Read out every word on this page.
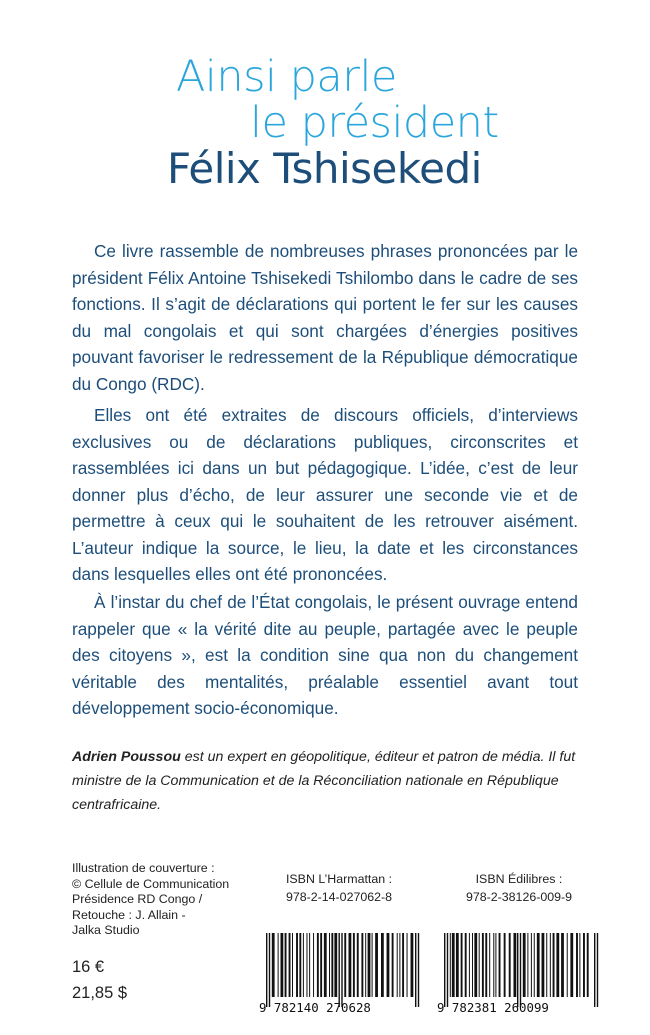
Ainsi parle
le président
Félix Tshisekedi

Ce livre rassemble de nombreuses phrases prononcées par le président Félix Antoine Tshisekedi Tshilombo dans le cadre de ses fonctions. Il s’agit de déclarations qui portent le fer sur les causes du mal congolais et qui sont chargées d’énergies positives pouvant favoriser le redressement de la République démocratique du Congo (RDC).

Elles ont été extraites de discours officiels, d’interviews exclusives ou de déclarations publiques, circonscrites et rassemblées ici dans un but pédagogique. L’idée, c’est de leur donner plus d’écho, de leur assurer une seconde vie et de permettre à ceux qui le souhaitent de les retrouver aisément. L’auteur indique la source, le lieu, la date et les circonstances dans lesquelles elles ont été prononcées.

À l’instar du chef de l’État congolais, le présent ouvrage entend rappeler que « la vérité dite au peuple, partagée avec le peuple des citoyens », est la condition sine qua non du changement véritable des mentalités, préalable essentiel avant tout développement socio-économique.

Adrien Poussou est un expert en géopolitique, éditeur et patron de média. Il fut ministre de la Communication et de la Réconciliation nationale en République centrafricaine.
Illustration de couverture :
© Cellule de Communication
Présidence RD Congo /
Retouche : J. Allain -
Jalka Studio
16 €
21,85 $
ISBN L’Harmattan :
978-2-14-027062-8
ISBN Édilibres :
978-2-38126-009-9
9 782140 270628	9 782381 260099
